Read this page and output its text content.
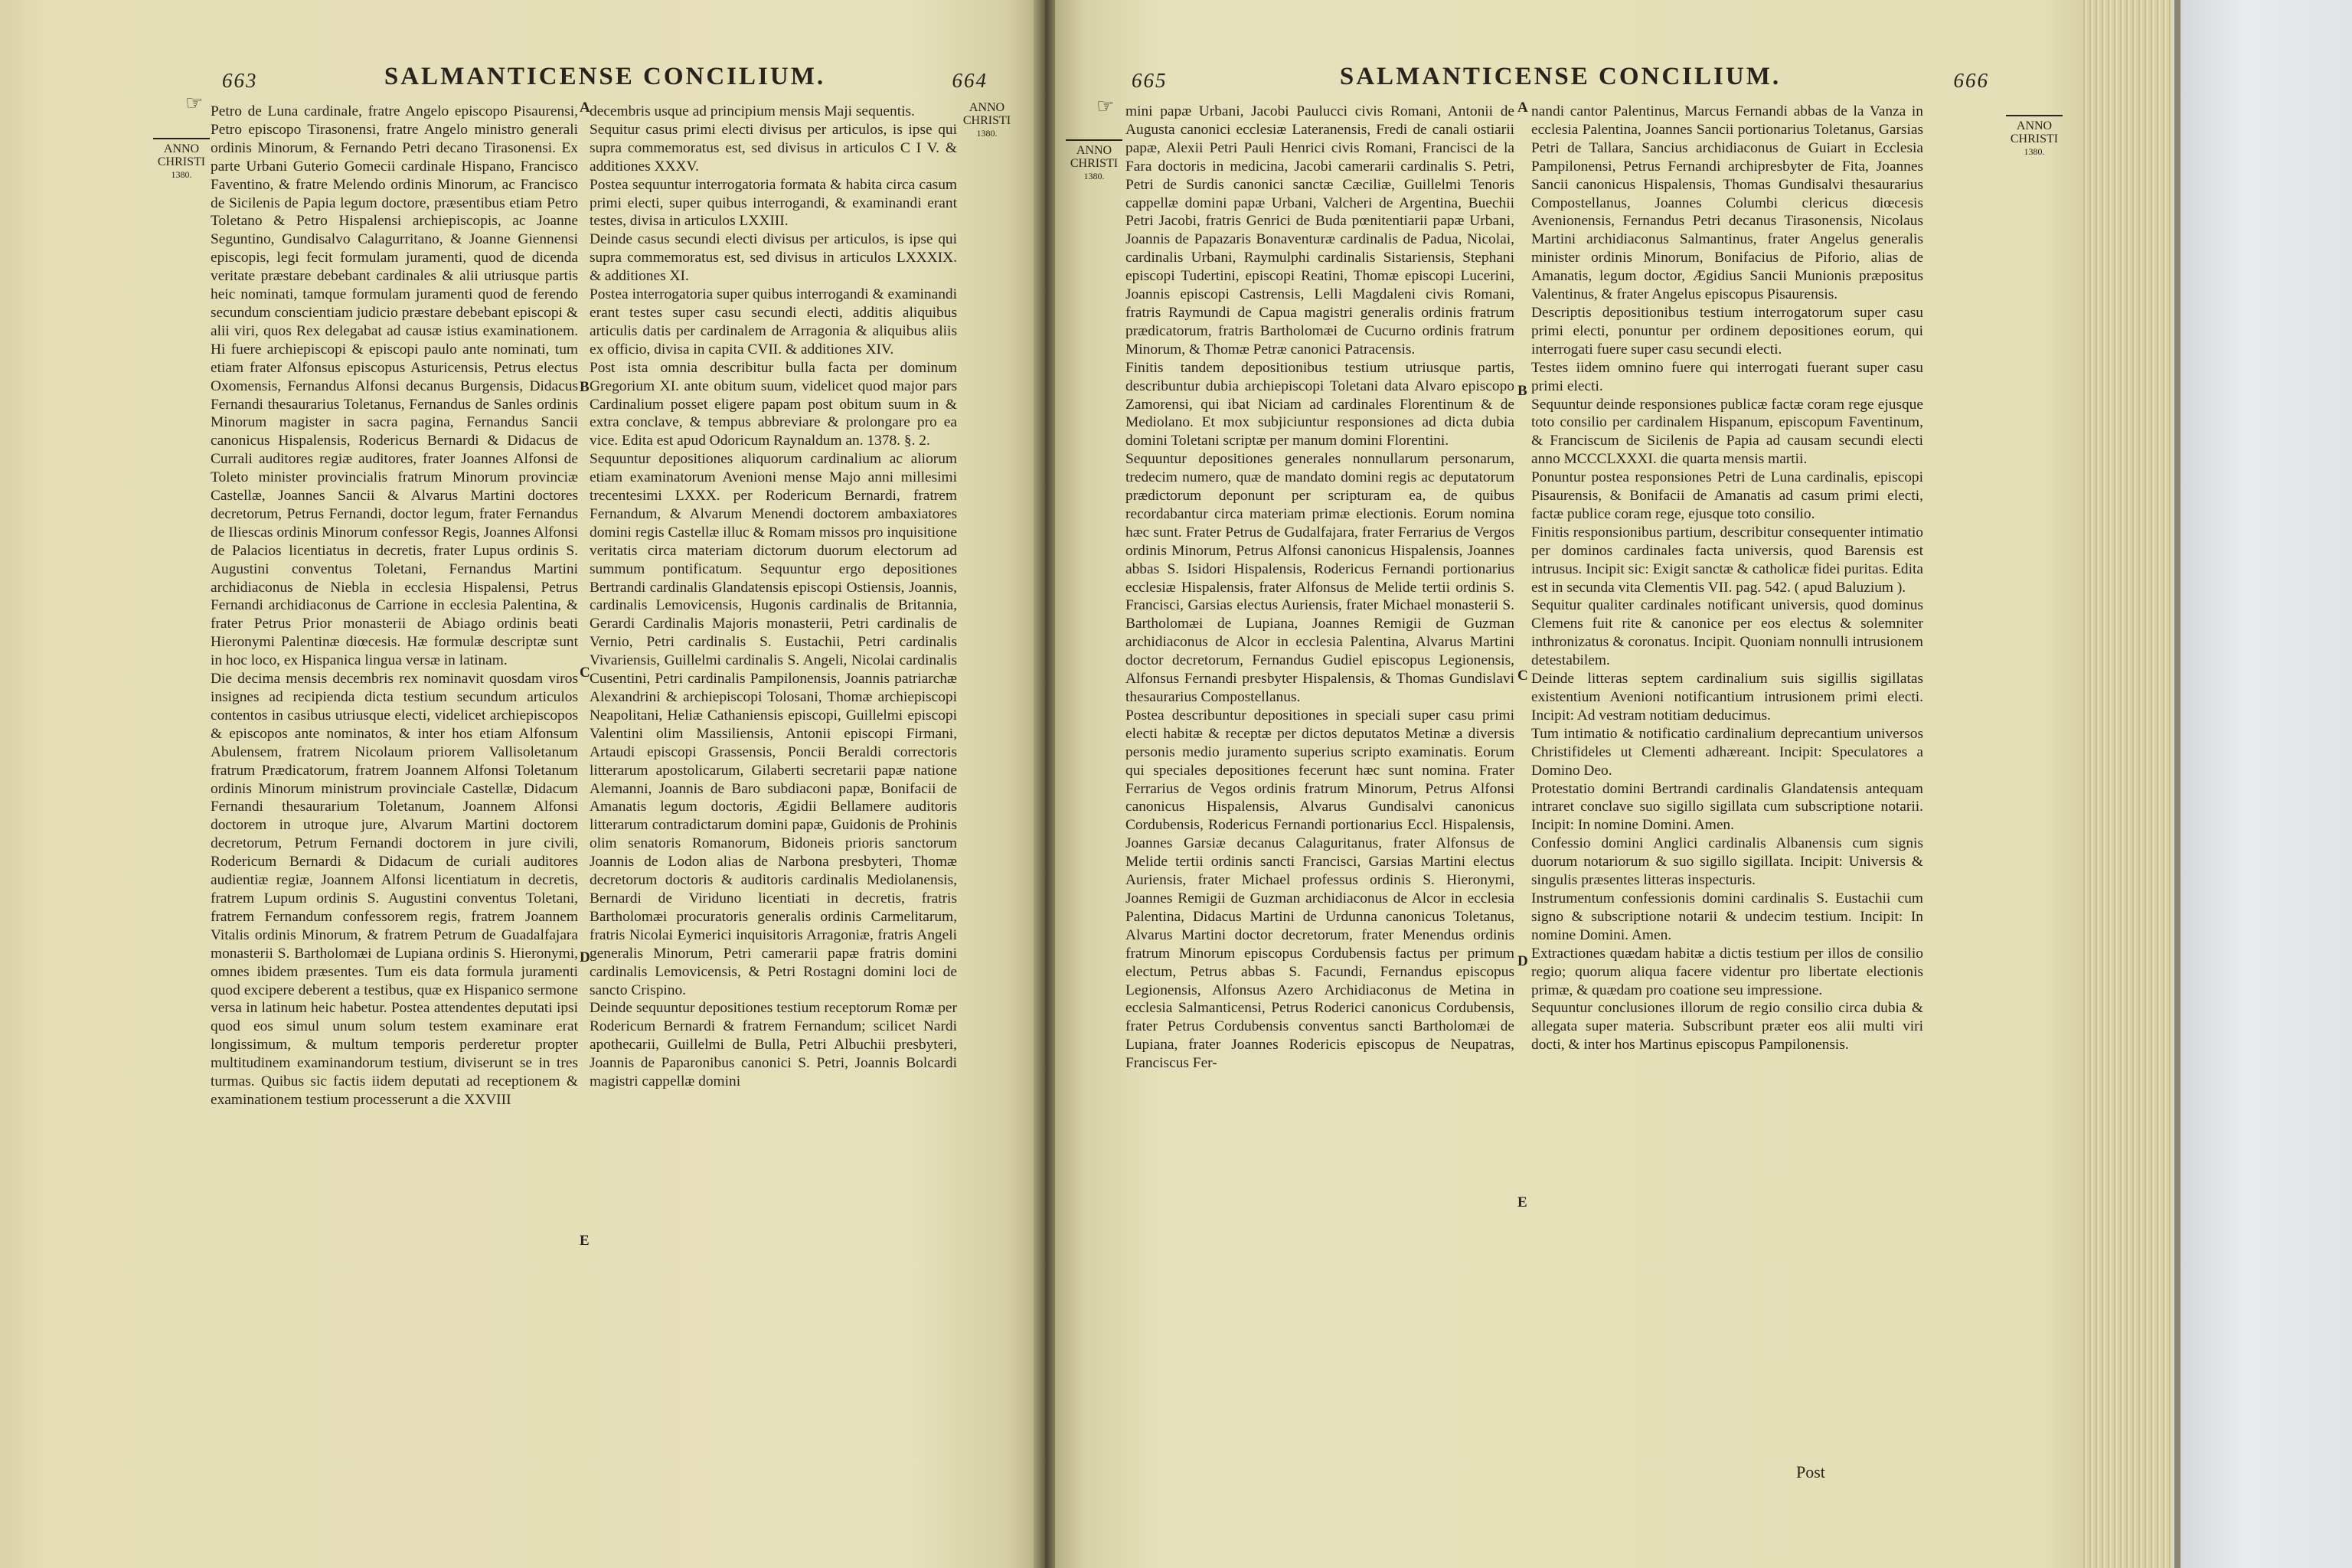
663	SALMANTICENSE CONCILIUM.	664
☞
ANNO
CHRISTI
1380.
ANNO
CHRISTI
1380.
Petro de Luna cardinale, fratre Angelo episcopo Pisaurensi, Petro episcopo Tirasonensi, fratre Angelo ministro generali ordinis Minorum, & Fernando Petri decano Tirasonensi. Ex parte Urbani Guterio Gomecii cardinale Hispano, Francisco Faventino, & fratre Melendo ordinis Minorum, ac Francisco de Sicilenis de Papia legum doctore, præsentibus etiam Petro Toletano & Petro Hispalensi archiepiscopis, ac Joanne Seguntino, Gundisalvo Calagurritano, & Joanne Giennensi episcopis, legi fecit formulam juramenti, quod de dicenda veritate præstare debebant cardinales & alii utriusque partis heic nominati, tamque formulam juramenti quod de ferendo secundum conscientiam judicio præstare debebant episcopi & alii viri, quos Rex delegabat ad causæ istius examinationem. Hi fuere archiepiscopi & episcopi paulo ante nominati, tum etiam frater Alfonsus episcopus Asturicensis, Petrus electus Oxomensis, Fernandus Alfonsi decanus Burgensis, Didacus Fernandi thesaurarius Toletanus, Fernandus de Sanles ordinis Minorum magister in sacra pagina, Fernandus Sancii canonicus Hispalensis, Rodericus Bernardi & Didacus de Currali auditores regiæ auditores, frater Joannes Alfonsi de Toleto minister provincialis fratrum Minorum provinciæ Castellæ, Joannes Sancii & Alvarus Martini doctores decretorum, Petrus Fernandi, doctor legum, frater Fernandus de Iliescas ordinis Minorum confessor Regis, Joannes Alfonsi de Palacios licentiatus in decretis, frater Lupus ordinis S. Augustini conventus Toletani, Fernandus Martini archidiaconus de Niebla in ecclesia Hispalensi, Petrus Fernandi archidiaconus de Carrione in ecclesia Palentina, & frater Petrus Prior monasterii de Abiago ordinis beati Hieronymi Palentinæ diœcesis. Hæ formulæ descriptæ sunt in hoc loco, ex Hispanica lingua versæ in latinam.
Die decima mensis decembris rex nominavit quosdam viros insignes ad recipienda dicta testium secundum articulos contentos in casibus utriusque electi, videlicet archiepiscopos & episcopos ante nominatos, & inter hos etiam Alfonsum Abulensem, fratrem Nicolaum priorem Vallisoletanum fratrum Prædicatorum, fratrem Joannem Alfonsi Toletanum ordinis Minorum ministrum provinciale Castellæ, Didacum Fernandi thesaurarium Toletanum, Joannem Alfonsi doctorem in utroque jure, Alvarum Martini doctorem decretorum, Petrum Fernandi doctorem in jure civili, Rodericum Bernardi & Didacum de curiali auditores audientiæ regiæ, Joannem Alfonsi licentiatum in decretis, fratrem Lupum ordinis S. Augustini conventus Toletani, fratrem Fernandum confessorem regis, fratrem Joannem Vitalis ordinis Minorum, & fratrem Petrum de Guadalfajara monasterii S. Bartholomæi de Lupiana ordinis S. Hieronymi, omnes ibidem præsentes. Tum eis data formula juramenti quod excipere deberent a testibus, quæ ex Hispanico sermone versa in latinum heic habetur. Postea attendentes deputati ipsi quod eos simul unum solum testem examinare erat longissimum, & multum temporis perderetur propter multitudinem examinandorum testium, diviserunt se in tres turmas. Quibus sic factis iidem deputati ad receptionem & examinationem testium processerunt a die XXVIII
decembris usque ad principium mensis Maji sequentis.
Sequitur casus primi electi divisus per articulos, is ipse qui supra commemoratus est, sed divisus in articulos C I V. & additiones XXXV.
Postea sequuntur interrogatoria formata & habita circa casum primi electi, super quibus interrogandi, & examinandi erant testes, divisa in articulos LXXIII.
Deinde casus secundi electi divisus per articulos, is ipse qui supra commemoratus est, sed divisus in articulos LXXXIX. & additiones XI.
Postea interrogatoria super quibus interrogandi & examinandi erant testes super casu secundi electi, additis aliquibus articulis datis per cardinalem de Arragonia & aliquibus aliis ex officio, divisa in capita CVII. & additiones XIV.
Post ista omnia describitur bulla facta per dominum Gregorium XI. ante obitum suum, videlicet quod major pars Cardinalium posset eligere papam post obitum suum in & extra conclave, & tempus abbreviare & prolongare pro ea vice. Edita est apud Odoricum Raynaldum an. 1378. §. 2.
Sequuntur depositiones aliquorum cardinalium ac aliorum etiam examinatorum Avenioni mense Majo anni millesimi trecentesimi LXXX. per Rodericum Bernardi, fratrem Fernandum, & Alvarum Menendi doctorem ambaxiatores domini regis Castellæ illuc & Romam missos pro inquisitione veritatis circa materiam dictorum duorum electorum ad summum pontificatum. Sequuntur ergo depositiones Bertrandi cardinalis Glandatensis episcopi Ostiensis, Joannis, cardinalis Lemovicensis, Hugonis cardinalis de Britannia, Gerardi Cardinalis Majoris monasterii, Petri cardinalis de Vernio, Petri cardinalis S. Eustachii, Petri cardinalis Vivariensis, Guillelmi cardinalis S. Angeli, Nicolai cardinalis Cusentini, Petri cardinalis Pampilonensis, Joannis patriarchæ Alexandrini & archiepiscopi Tolosani, Thomæ archiepiscopi Neapolitani, Heliæ Cathaniensis episcopi, Guillelmi episcopi Valentini olim Massiliensis, Antonii episcopi Firmani, Artaudi episcopi Grassensis, Poncii Beraldi correctoris litterarum apostolicarum, Gilaberti secretarii papæ natione Alemanni, Joannis de Baro subdiaconi papæ, Bonifacii de Amanatis legum doctoris, Ægidii Bellamere auditoris litterarum contradictarum domini papæ, Guidonis de Prohinis olim senatoris Romanorum, Bidoneis prioris sanctorum Joannis de Lodon alias de Narbona presbyteri, Thomæ decretorum doctoris & auditoris cardinalis Mediolanensis, Bernardi de Viriduno licentiati in decretis, fratris Bartholomæi procuratoris generalis ordinis Carmelitarum, fratris Nicolai Eymerici inquisitoris Arragoniæ, fratris Angeli generalis Minorum, Petri camerarii papæ fratris domini cardinalis Lemovicensis, & Petri Rostagni domini loci de sancto Crispino.
Deinde sequuntur depositiones testium receptorum Romæ per Rodericum Bernardi & fratrem Fernandum; scilicet Nardi apothecarii, Guillelmi de Bulla, Petri Albuchii presbyteri, Joannis de Paparonibus canonici S. Petri, Joannis Bolcardi magistri cappellæ domini
A
B
C
D
E
665	SALMANTICENSE CONCILIUM.	666
☞
ANNO
CHRISTI
1380.
ANNO
CHRISTI
1380.
mini papæ Urbani, Jacobi Paulucci civis Romani, Antonii de Augusta canonici ecclesiæ Lateranensis, Fredi de canali ostiarii papæ, Alexii Petri Pauli Henrici civis Romani, Francisci de la Fara doctoris in medicina, Jacobi camerarii cardinalis S. Petri, Petri de Surdis canonici sanctæ Cæciliæ, Guillelmi Tenoris cappellæ domini papæ Urbani, Valcheri de Argentina, Buechii Petri Jacobi, fratris Genrici de Buda pœnitentiarii papæ Urbani, Joannis de Papazaris Bonaventuræ cardinalis de Padua, Nicolai, cardinalis Urbani, Raymulphi cardinalis Sistariensis, Stephani episcopi Tudertini, episcopi Reatini, Thomæ episcopi Lucerini, Joannis episcopi Castrensis, Lelli Magdaleni civis Romani, fratris Raymundi de Capua magistri generalis ordinis fratrum prædicatorum, fratris Bartholomæi de Cucurno ordinis fratrum Minorum, & Thomæ Petræ canonici Patracensis.
Finitis tandem depositionibus testium utriusque partis, describuntur dubia archiepiscopi Toletani data Alvaro episcopo Zamorensi, qui ibat Niciam ad cardinales Florentinum & de Mediolano. Et mox subjiciuntur responsiones ad dicta dubia domini Toletani scriptæ per manum domini Florentini.
Sequuntur depositiones generales nonnullarum personarum, tredecim numero, quæ de mandato domini regis ac deputatorum prædictorum deponunt per scripturam ea, de quibus recordabantur circa materiam primæ electionis. Eorum nomina hæc sunt. Frater Petrus de Gudalfajara, frater Ferrarius de Vergos ordinis Minorum, Petrus Alfonsi canonicus Hispalensis, Joannes abbas S. Isidori Hispalensis, Rodericus Fernandi portionarius ecclesiæ Hispalensis, frater Alfonsus de Melide tertii ordinis S. Francisci, Garsias electus Auriensis, frater Michael monasterii S. Bartholomæi de Lupiana, Joannes Remigii de Guzman archidiaconus de Alcor in ecclesia Palentina, Alvarus Martini doctor decretorum, Fernandus Gudiel episcopus Legionensis, Alfonsus Fernandi presbyter Hispalensis, & Thomas Gundislavi thesaurarius Compostellanus.
Postea describuntur depositiones in speciali super casu primi electi habitæ & receptæ per dictos deputatos Metinæ a diversis personis medio juramento superius scripto examinatis. Eorum qui speciales depositiones fecerunt hæc sunt nomina. Frater Ferrarius de Vegos ordinis fratrum Minorum, Petrus Alfonsi canonicus Hispalensis, Alvarus Gundisalvi canonicus Cordubensis, Rodericus Fernandi portionarius Eccl. Hispalensis, Joannes Garsiæ decanus Calaguritanus, frater Alfonsus de Melide tertii ordinis sancti Francisci, Garsias Martini electus Auriensis, frater Michael professus ordinis S. Hieronymi, Joannes Remigii de Guzman archidiaconus de Alcor in ecclesia Palentina, Didacus Martini de Urdunna canonicus Toletanus, Alvarus Martini doctor decretorum, frater Menendus ordinis fratrum Minorum episcopus Cordubensis factus per primum electum, Petrus abbas S. Facundi, Fernandus episcopus Legionensis, Alfonsus Azero Archidiaconus de Metina in ecclesia Salmanticensi, Petrus Roderici canonicus Cordubensis, frater Petrus Cordubensis conventus sancti Bartholomæi de Lupiana, frater Joannes Rodericis episcopus de Neupatras, Franciscus Fer-
nandi cantor Palentinus, Marcus Fernandi abbas de la Vanza in ecclesia Palentina, Joannes Sancii portionarius Toletanus, Garsias Petri de Tallara, Sancius archidiaconus de Guiart in Ecclesia Pampilonensi, Petrus Fernandi archipresbyter de Fita, Joannes Sancii canonicus Hispalensis, Thomas Gundisalvi thesaurarius Compostellanus, Joannes Columbi clericus diœcesis Avenionensis, Fernandus Petri decanus Tirasonensis, Nicolaus Martini archidiaconus Salmantinus, frater Angelus generalis minister ordinis Minorum, Bonifacius de Piforio, alias de Amanatis, legum doctor, Ægidius Sancii Munionis præpositus Valentinus, & frater Angelus episcopus Pisaurensis.
Descriptis depositionibus testium interrogatorum super casu primi electi, ponuntur per ordinem depositiones eorum, qui interrogati fuere super casu secundi electi.
Testes iidem omnino fuere qui interrogati fuerant super casu primi electi.
Sequuntur deinde responsiones publicæ factæ coram rege ejusque toto consilio per cardinalem Hispanum, episcopum Faventinum, & Franciscum de Sicilenis de Papia ad causam secundi electi anno MCCCLXXXI. die quarta mensis martii.
Ponuntur postea responsiones Petri de Luna cardinalis, episcopi Pisaurensis, & Bonifacii de Amanatis ad casum primi electi, factæ publice coram rege, ejusque toto consilio.
Finitis responsionibus partium, describitur consequenter intimatio per dominos cardinales facta universis, quod Barensis est intrusus. Incipit sic: Exigit sanctæ & catholicæ fidei puritas. Edita est in secunda vita Clementis VII. pag. 542. ( apud Baluzium ).
Sequitur qualiter cardinales notificant universis, quod dominus Clemens fuit rite & canonice per eos electus & solemniter inthronizatus & coronatus. Incipit. Quoniam nonnulli intrusionem detestabilem.
Deinde litteras septem cardinalium suis sigillis sigillatas existentium Avenioni notificantium intrusionem primi electi. Incipit: Ad vestram notitiam deducimus.
Tum intimatio & notificatio cardinalium deprecantium universos Christifideles ut Clementi adhæreant. Incipit: Speculatores a Domino Deo.
Protestatio domini Bertrandi cardinalis Glandatensis antequam intraret conclave suo sigillo sigillata cum subscriptione notarii. Incipit: In nomine Domini. Amen.
Confessio domini Anglici cardinalis Albanensis cum signis duorum notariorum & suo sigillo sigillata. Incipit: Universis & singulis præsentes litteras inspecturis.
Instrumentum confessionis domini cardinalis S. Eustachii cum signo & subscriptione notarii & undecim testium. Incipit: In nomine Domini. Amen.
Extractiones quædam habitæ a dictis testium per illos de consilio regio; quorum aliqua facere videntur pro libertate electionis primæ, & quædam pro coatione seu impressione.
Sequuntur conclusiones illorum de regio consilio circa dubia & allegata super materia. Subscribunt præter eos alii multi viri docti, & inter hos Martinus episcopus Pampilonensis.
A
B
C
D
E
Post
